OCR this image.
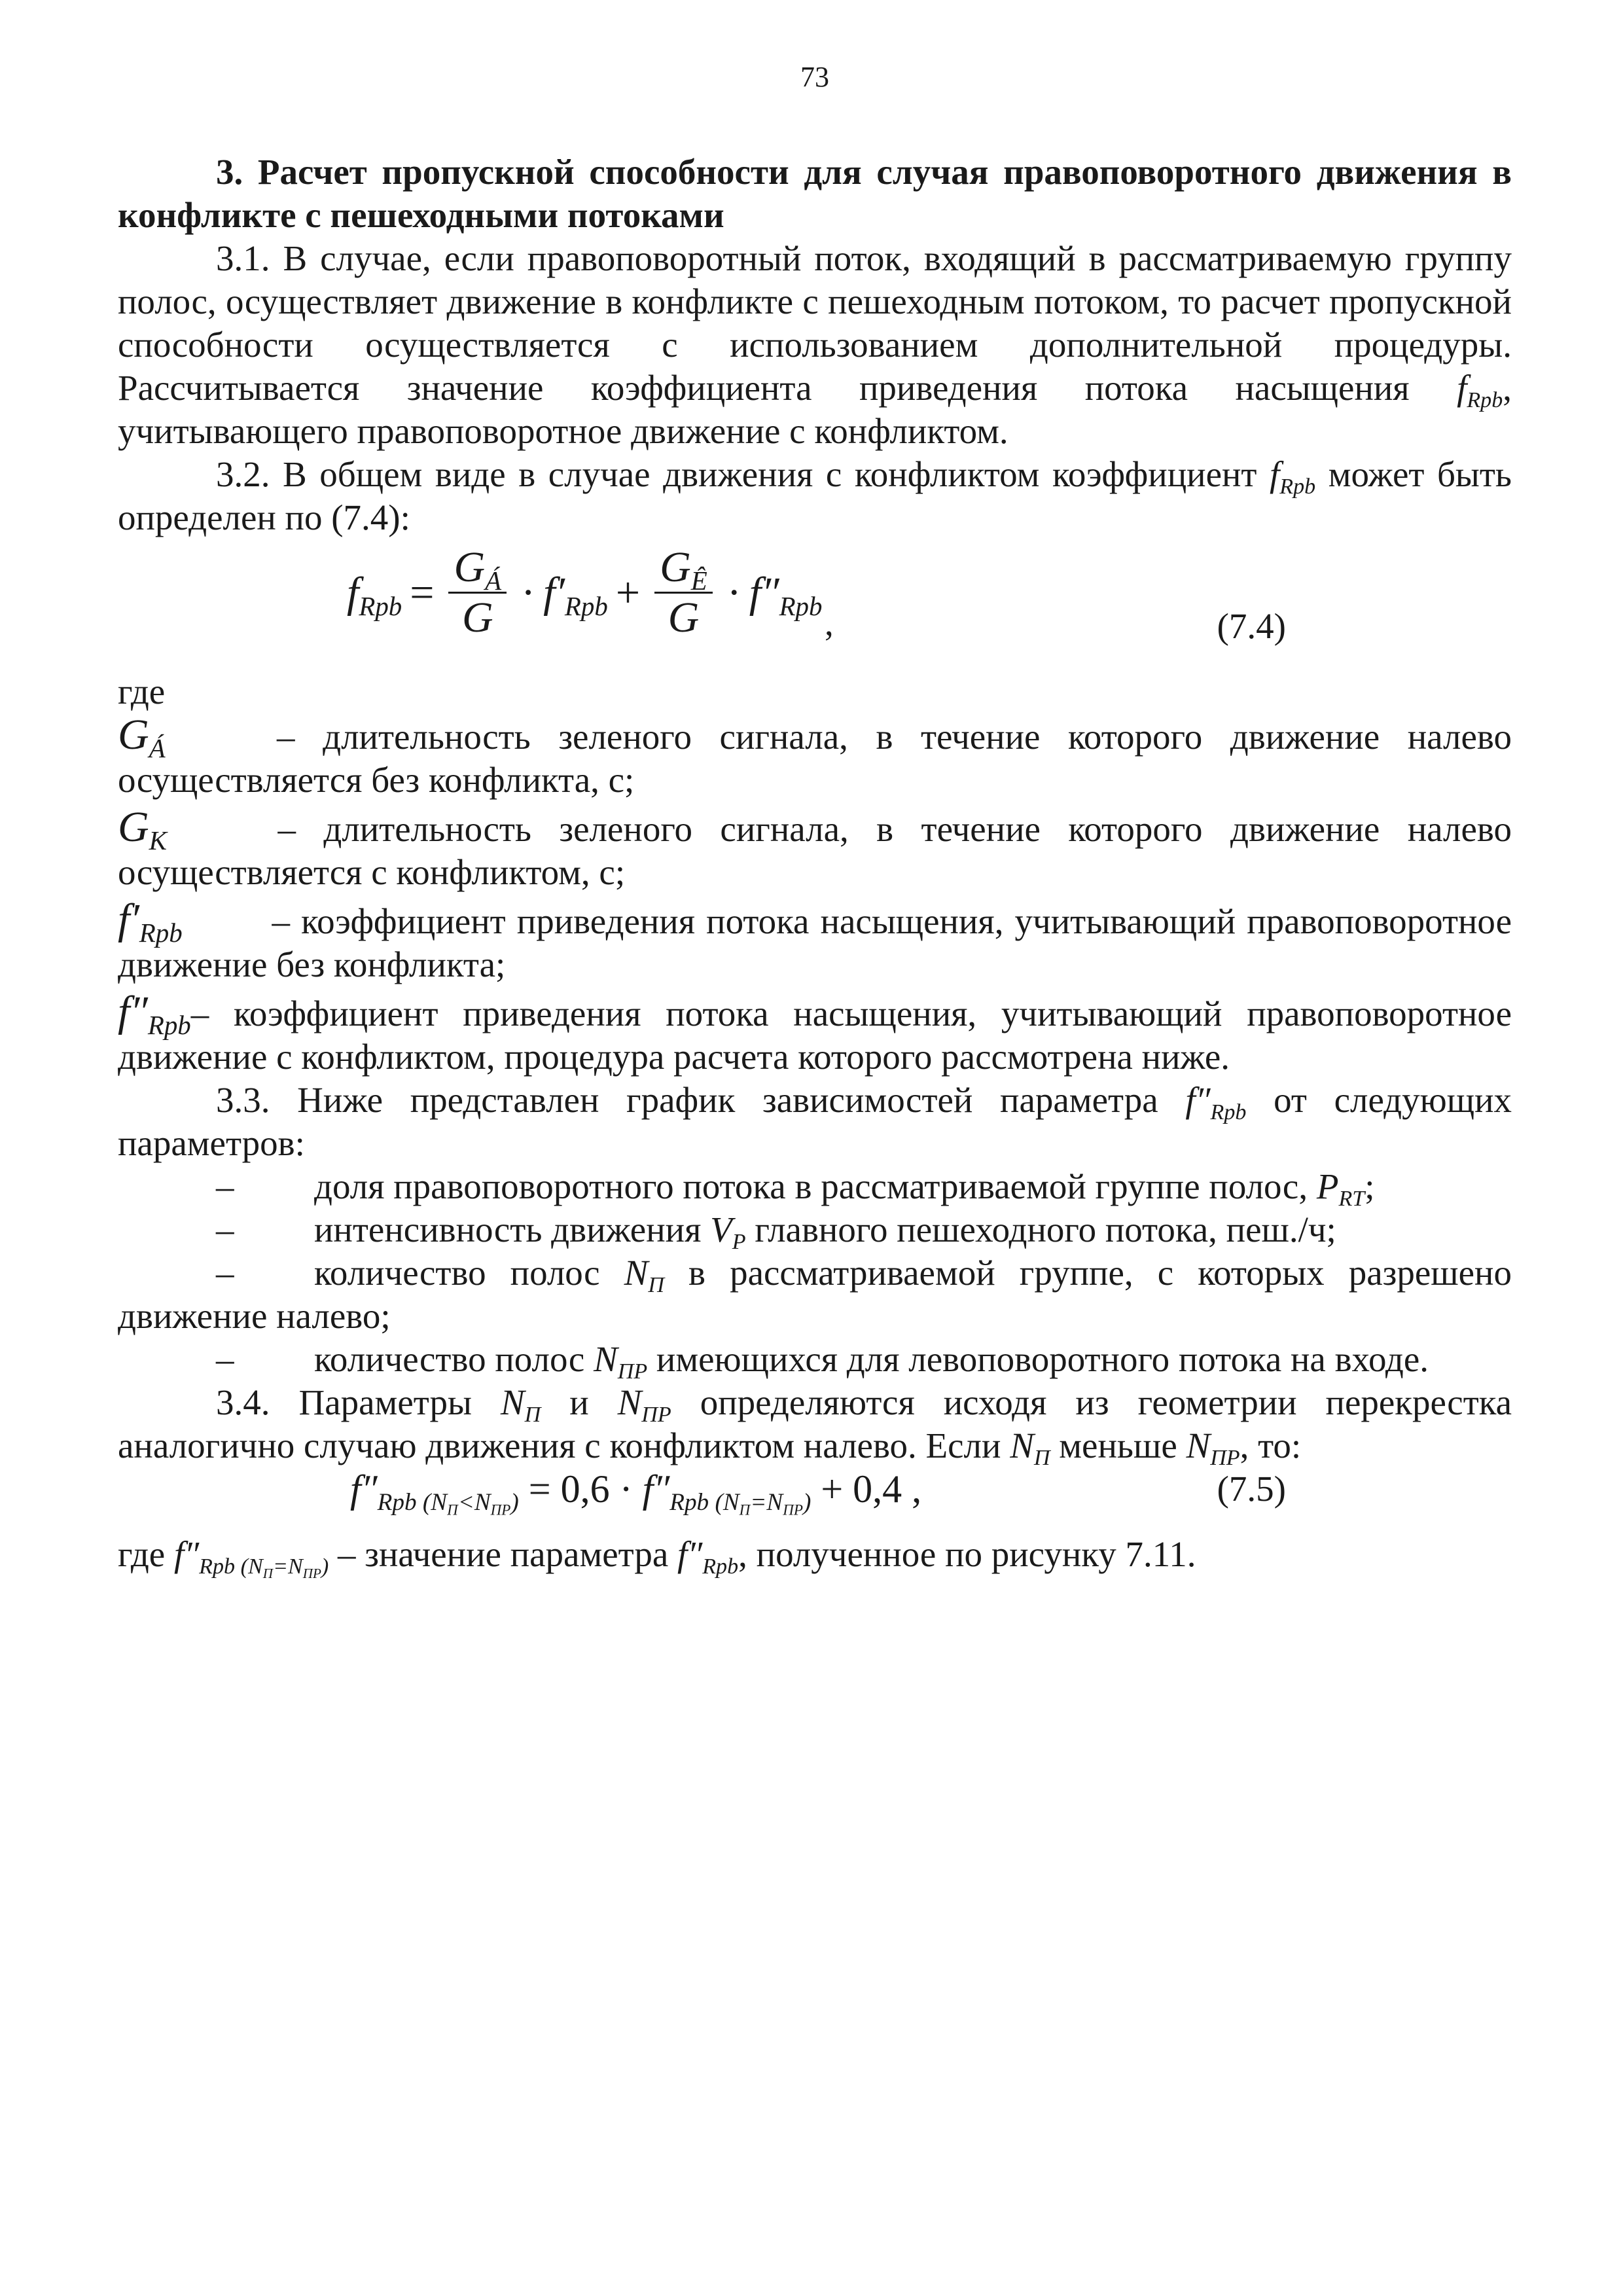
73

3. Расчет пропускной способности для случая правоповоротного движения в конфликте с пешеходными потоками

3.1. В случае, если правоповоротный поток, входящий в рассматриваемую группу полос, осуществляет движение в конфликте с пешеходным потоком, то расчет пропускной способности осуществляется с использованием дополнительной процедуры. Рассчитывается значение коэффициента приведения потока насыщения $f_{Rpb}$, учитывающего правоповоротное движение с конфликтом.

3.2. В общем виде в случае движения с конфликтом коэффициент $f_{Rpb}$ может быть определен по (7.4):

$f_{Rpb} = \frac{G_Á}{G} \cdot f'_{Rpb} + \frac{G_Ê}{G} \cdot f''_{Rpb}$ ,	(7.4)

где

$G_Á$	– длительность зеленого сигнала, в течение которого движение налево осуществляется без конфликта, с;

$G_К$	– длительность зеленого сигнала, в течение которого движение налево осуществляется с конфликтом, с;

$f'_{Rpb}$ – коэффициент приведения потока насыщения, учитывающий правоповоротное движение без конфликта;

$f''_{Rpb}-$ коэффициент приведения потока насыщения, учитывающий правоповоротное движение с конфликтом, процедура расчета которого рассмотрена ниже.

3.3. Ниже представлен график зависимостей параметра $f''_{Rpb}$ от следующих параметров:

– доля правоповоротного потока в рассматриваемой группе полос, $P_{RT}$;

– интенсивность движения $V_P$ главного пешеходного потока, пеш./ч;

– количество полос $N_П$ в рассматриваемой группе, с которых разрешено движение налево;

– количество полос $N_{ПР}$ имеющихся для левоповоротного потока на входе.

3.4. Параметры $N_П$ и $N_{ПР}$ определяются исходя из геометрии перекрестка аналогично случаю движения с конфликтом налево. Если $N_П$ меньше $N_{ПР}$, то:

$f''_{Rpb (N_П<N_{ПР})} = 0,6 \cdot f''_{Rpb (N_П=N_{ПР})} + 0,4$ ,	(7.5)

где $f''_{Rpb (N_П=N_{ПР})}$ – значение параметра $f''_{Rpb}$, полученное по рисунку 7.11.
